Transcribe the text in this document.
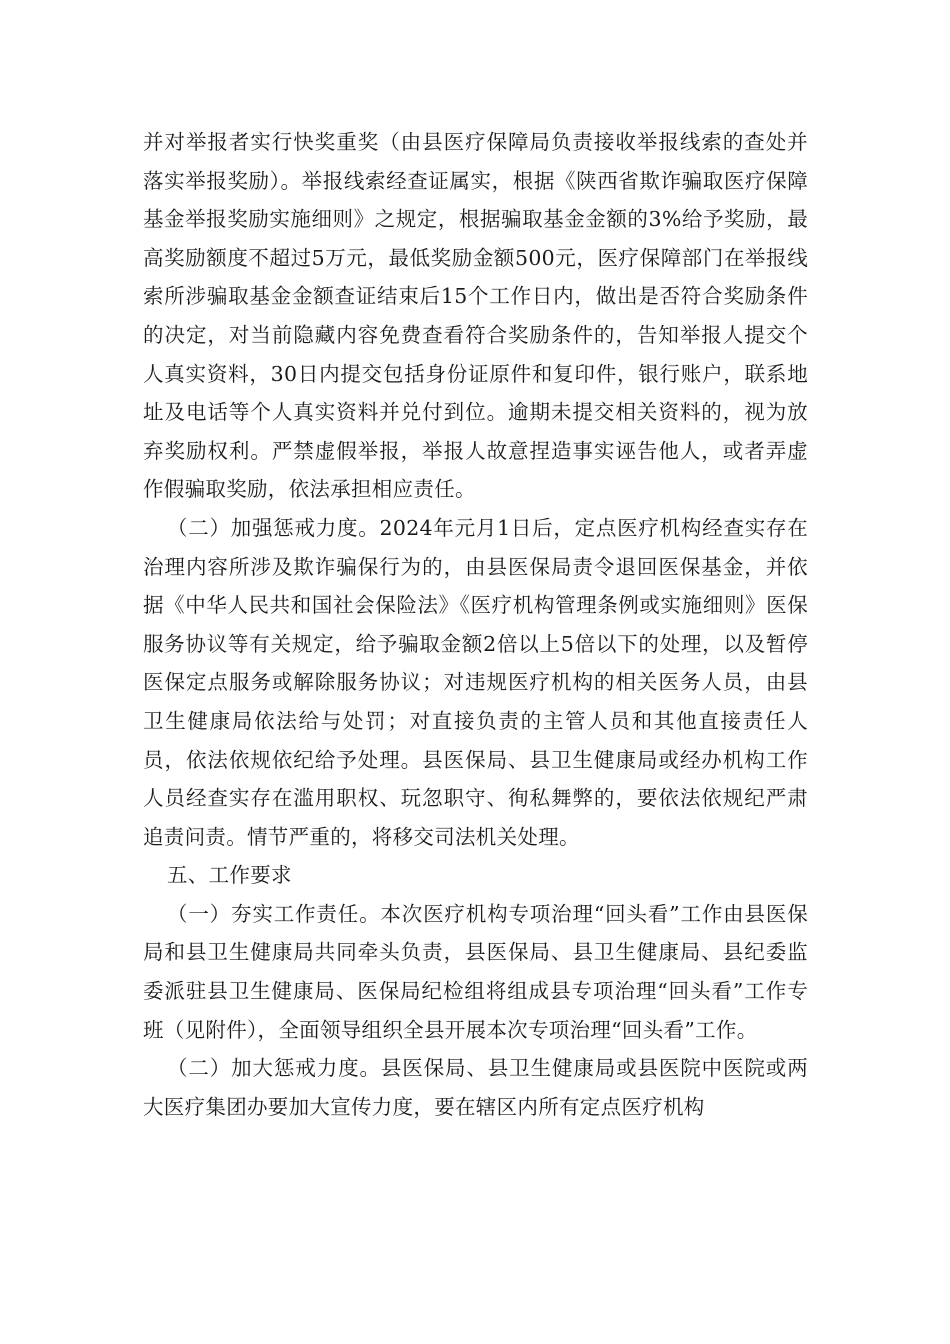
并对举报者实行快奖重奖（由县医疗保障局负责接收举报线索的查处并落实举报奖励）。举报线索经查证属实，根据《陕西省欺诈骗取医疗保障基金举报奖励实施细则》之规定，根据骗取基金金额的3%给予奖励，最高奖励额度不超过5万元，最低奖励金额500元，医疗保障部门在举报线索所涉骗取基金金额查证结束后15个工作日内，做出是否符合奖励条件的决定，对当前隐藏内容免费查看符合奖励条件的，告知举报人提交个人真实资料，30日内提交包括身份证原件和复印件，银行账户，联系地址及电话等个人真实资料并兑付到位。逾期未提交相关资料的，视为放弃奖励权利。严禁虚假举报，举报人故意捏造事实诬告他人，或者弄虚作假骗取奖励，依法承担相应责任。

（二）加强惩戒力度。2024年元月1日后，定点医疗机构经查实存在治理内容所涉及欺诈骗保行为的，由县医保局责令退回医保基金，并依据《中华人民共和国社会保险法》《医疗机构管理条例或实施细则》医保服务协议等有关规定，给予骗取金额2倍以上5倍以下的处理，以及暂停医保定点服务或解除服务协议；对违规医疗机构的相关医务人员，由县卫生健康局依法给与处罚；对直接负责的主管人员和其他直接责任人员，依法依规依纪给予处理。县医保局、县卫生健康局或经办机构工作人员经查实存在滥用职权、玩忽职守、徇私舞弊的，要依法依规纪严肃追责问责。情节严重的，将移交司法机关处理。

五、工作要求

（一）夯实工作责任。本次医疗机构专项治理“回头看”工作由县医保局和县卫生健康局共同牵头负责，县医保局、县卫生健康局、县纪委监委派驻县卫生健康局、医保局纪检组将组成县专项治理“回头看”工作专班（见附件），全面领导组织全县开展本次专项治理“回头看”工作。

（二）加大惩戒力度。县医保局、县卫生健康局或县医院中医院或两大医疗集团办要加大宣传力度，要在辖区内所有定点医疗机构
